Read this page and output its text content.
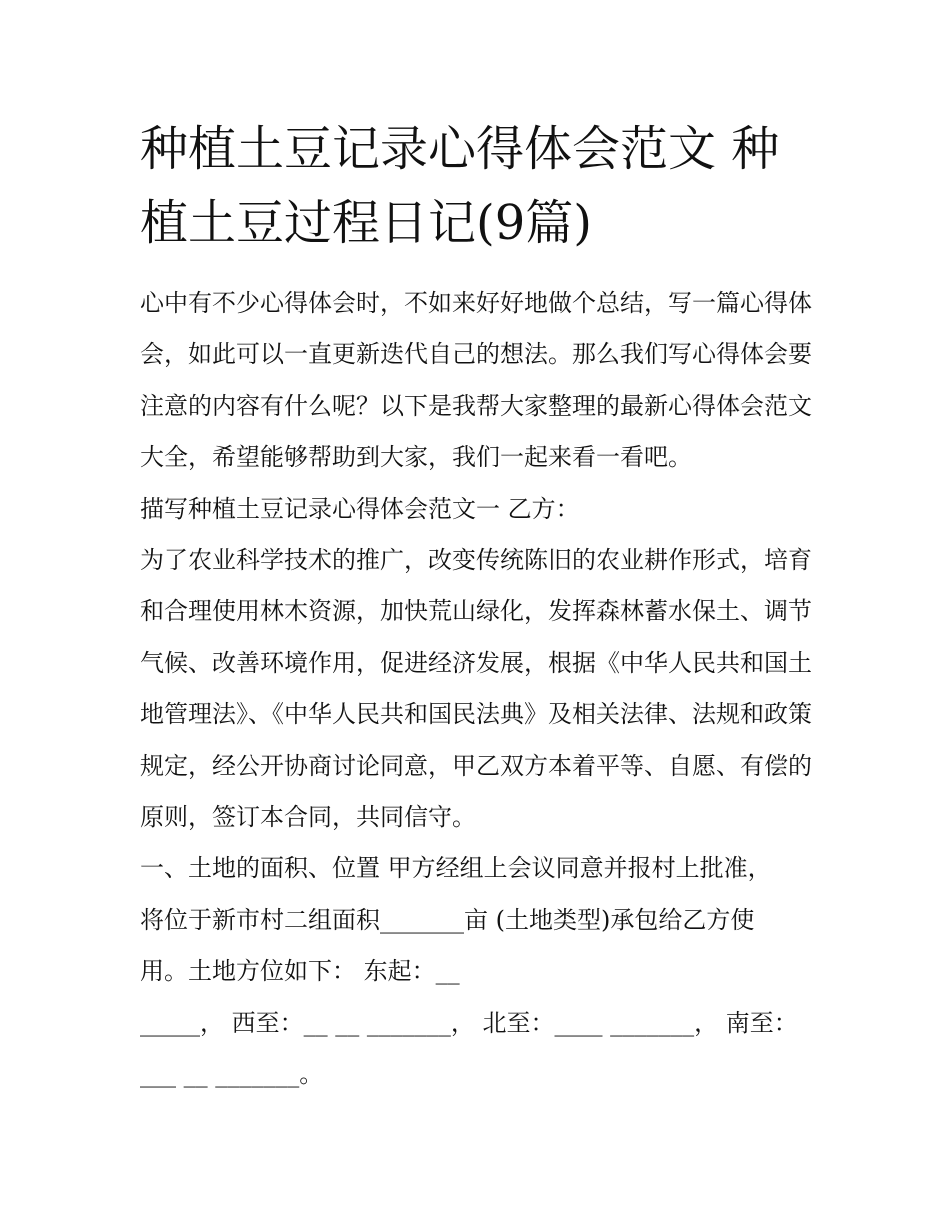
种植土豆记录心得体会范文 种植土豆过程日记(9篇)

心中有不少心得体会时，不如来好好地做个总结，写一篇心得体会，如此可以一直更新迭代自己的想法。那么我们写心得体会要注意的内容有什么呢？以下是我帮大家整理的最新心得体会范文大全，希望能够帮助到大家，我们一起来看一看吧。

描写种植土豆记录心得体会范文一 乙方：

为了农业科学技术的推广，改变传统陈旧的农业耕作形式，培育和合理使用林木资源，加快荒山绿化，发挥森林蓄水保土、调节气候、改善环境作用，促进经济发展，根据《中华人民共和国土地管理法》、《中华人民共和国民法典》及相关法律、法规和政策规定，经公开协商讨论同意，甲乙双方本着平等、自愿、有偿的原则，签订本合同，共同信守。

一、土地的面积、位置 甲方经组上会议同意并报村上批准，

将位于新市村二组面积_______亩 (土地类型)承包给乙方使

用。土地方位如下： 东起：__

_____， 西至：__ __ _______， 北至：____ _______， 南至：

___ __ _______。
